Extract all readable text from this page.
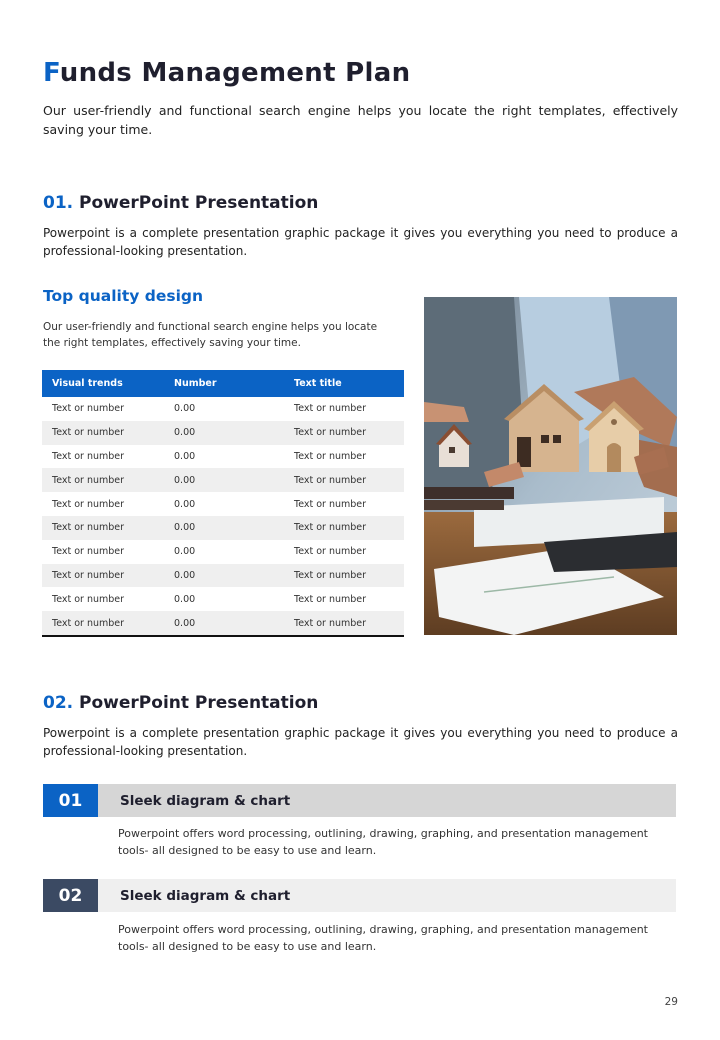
Funds Management Plan
Our user-friendly and functional search engine helps you locate the right templates, effectively saving your time.
01. PowerPoint Presentation
Powerpoint is a complete presentation graphic package it gives you everything you need to produce a professional-looking presentation.
Top quality design
Our user-friendly and functional search engine helps you locate the right templates, effectively saving your time.
Visual trends	Number	Text title
Text or number	0.00	Text or number
Text or number	0.00	Text or number
Text or number	0.00	Text or number
Text or number	0.00	Text or number
Text or number	0.00	Text or number
Text or number	0.00	Text or number
Text or number	0.00	Text or number
Text or number	0.00	Text or number
Text or number	0.00	Text or number
Text or number	0.00	Text or number
02. PowerPoint Presentation
Powerpoint is a complete presentation graphic package it gives you everything you need to produce a professional-looking presentation.
01	Sleek diagram & chart
Powerpoint offers word processing, outlining, drawing, graphing, and presentation management tools- all designed to be easy to use and learn.
02	Sleek diagram & chart
Powerpoint offers word processing, outlining, drawing, graphing, and presentation management tools- all designed to be easy to use and learn.
29
